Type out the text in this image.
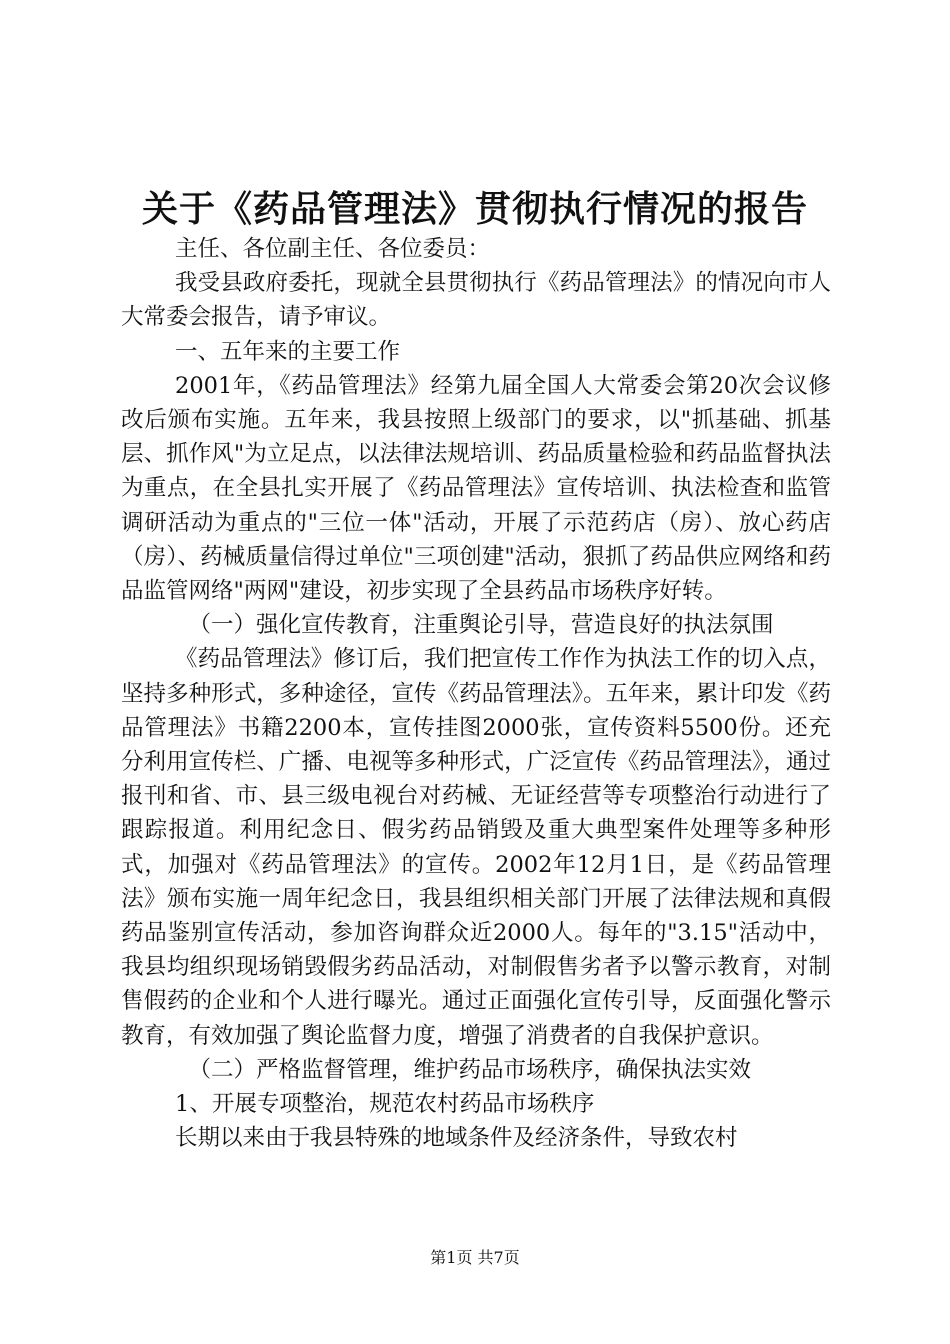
关于《药品管理法》贯彻执行情况的报告

主任、各位副主任、各位委员：

我受县政府委托，现就全县贯彻执行《药品管理法》的情况向市人大常委会报告，请予审议。

一、五年来的主要工作

2001年，《药品管理法》经第九届全国人大常委会第20次会议修改后颁布实施。五年来，我县按照上级部门的要求，以"抓基础、抓基层、抓作风"为立足点，以法律法规培训、药品质量检验和药品监督执法为重点，在全县扎实开展了《药品管理法》宣传培训、执法检查和监管调研活动为重点的"三位一体"活动，开展了示范药店（房）、放心药店（房）、药械质量信得过单位"三项创建"活动，狠抓了药品供应网络和药品监管网络"两网"建设，初步实现了全县药品市场秩序好转。

（一）强化宣传教育，注重舆论引导，营造良好的执法氛围

《药品管理法》修订后，我们把宣传工作作为执法工作的切入点，坚持多种形式，多种途径，宣传《药品管理法》。五年来，累计印发《药品管理法》书籍2200本，宣传挂图2000张，宣传资料5500份。还充分利用宣传栏、广播、电视等多种形式，广泛宣传《药品管理法》，通过报刊和省、市、县三级电视台对药械、无证经营等专项整治行动进行了跟踪报道。利用纪念日、假劣药品销毁及重大典型案件处理等多种形式，加强对《药品管理法》的宣传。2002年12月1日，是《药品管理法》颁布实施一周年纪念日，我县组织相关部门开展了法律法规和真假药品鉴别宣传活动，参加咨询群众近2000人。每年的"3.15"活动中，我县均组织现场销毁假劣药品活动，对制假售劣者予以警示教育，对制售假药的企业和个人进行曝光。通过正面强化宣传引导，反面强化警示教育，有效加强了舆论监督力度，增强了消费者的自我保护意识。

（二）严格监督管理，维护药品市场秩序，确保执法实效

1、开展专项整治，规范农村药品市场秩序

长期以来由于我县特殊的地域条件及经济条件，导致农村

第1页 共7页
